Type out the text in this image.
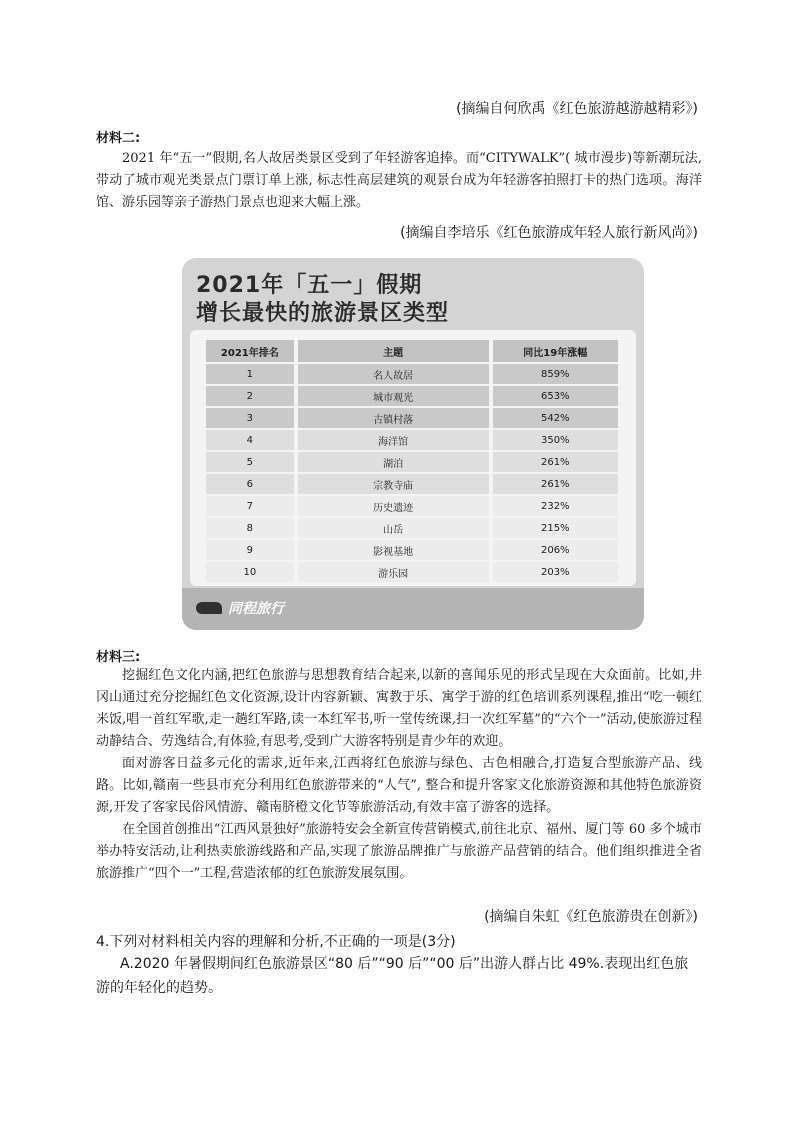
(摘编自何欣禹《红色旅游越游越精彩》)
材料二:

2021 年“五一”假期,名人故居类景区受到了年轻游客追捧。而“CITYWALK”( 城市漫步)等新潮玩法,带动了城市观光类景点门票订单上涨, 标志性高层建筑的观景台成为年轻游客拍照打卡的热门选项。海洋馆、游乐园等亲子游热门景点也迎来大幅上涨。

(摘编自李培乐《红色旅游成年轻人旅行新风尚》)
2021年「五一」假期
增长最快的旅游景区类型
2021年排名		主题		同比19年涨幅
1		名人故居		859%
2		城市观光		653%
3		古镇村落		542%
4		海洋馆		350%
5		湖泊		261%
6		宗教寺庙		261%
7		历史遗迹		232%
8		山岳		215%
9		影视基地		206%
10		游乐园		203%
同程旅行
材料三:

挖掘红色文化内涵,把红色旅游与思想教育结合起来,以新的喜闻乐见的形式呈现在大众面前。比如,井冈山通过充分挖掘红色文化资源,设计内容新颖、寓教于乐、寓学于游的红色培训系列课程,推出“吃一顿红米饭,唱一首红军歌,走一趟红军路,读一本红军书,听一堂传统课,扫一次红军墓”的“六个一”活动,使旅游过程动静结合、劳逸结合,有体验,有思考,受到广大游客特别是青少年的欢迎。

面对游客日益多元化的需求,近年来,江西将红色旅游与绿色、古色相融合,打造复合型旅游产品、线路。比如,赣南一些县市充分利用红色旅游带来的“人气”, 整合和提升客家文化旅游资源和其他特色旅游资源,开发了客家民俗风情游、赣南脐橙文化节等旅游活动,有效丰富了游客的选择。

在全国首创推出“江西风景独好”旅游特安会全新宣传营销模式,前往北京、福州、厦门等 60 多个城市举办特安活动,让利热卖旅游线路和产品,实现了旅游品牌推广与旅游产品营销的结合。他们组织推进全省旅游推广“四个一”工程,营造浓郁的红色旅游发展氛围。

(摘编自朱虹《红色旅游贵在创新》)
4.下列对材料相关内容的理解和分析,不正确的一项是(3分)
A.2020 年暑假期间红色旅游景区“80 后”“90 后”“00 后”出游人群占比 49%.表现出红色旅游的年轻化的趋势。
